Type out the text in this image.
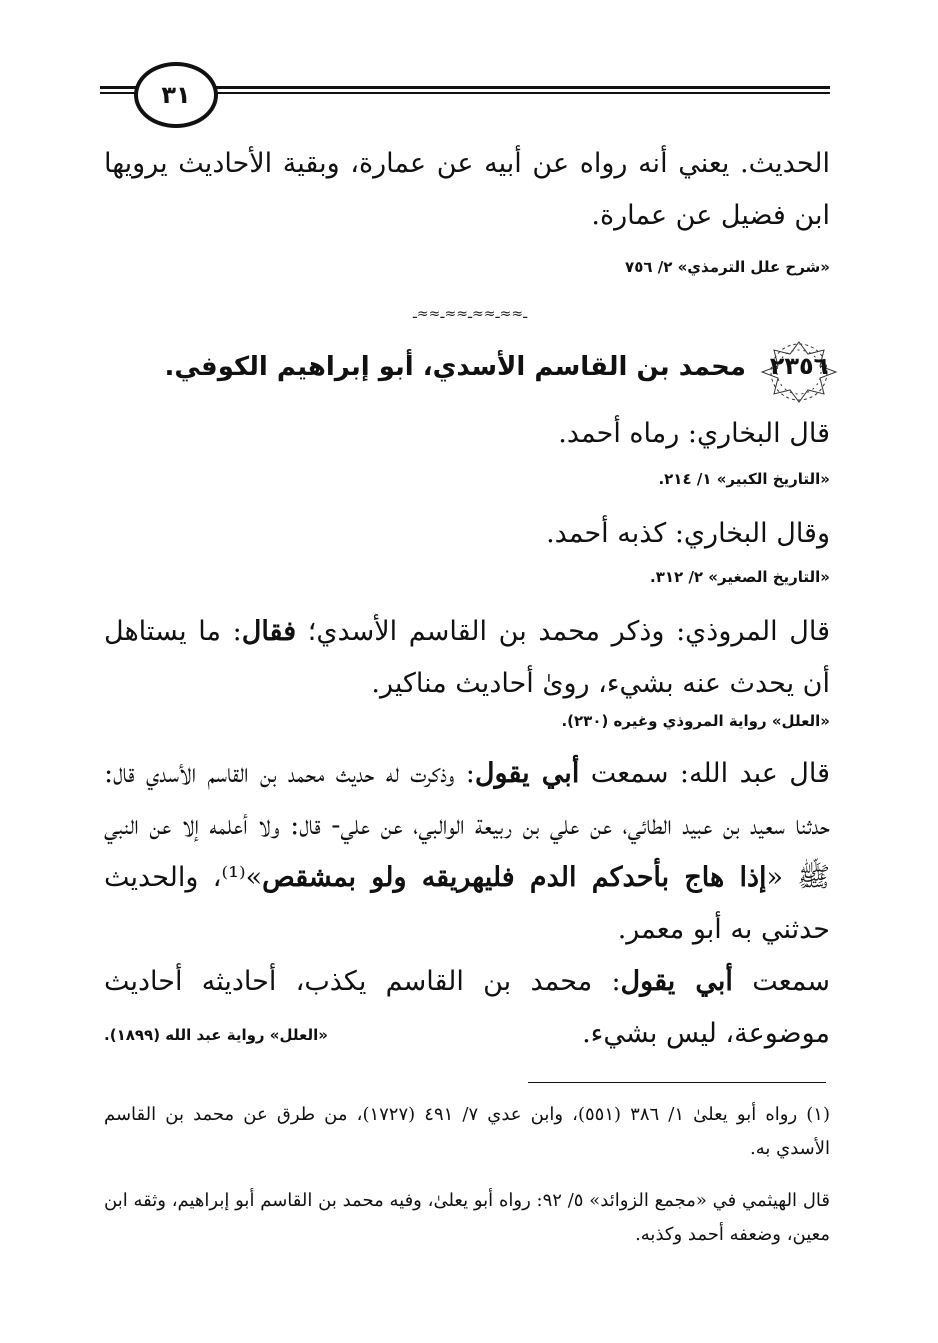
٣١
الحديث. يعني أنه رواه عن أبيه عن عمارة، وبقية الأحاديث يرويها ابن فضيل عن عمارة.
«شرح علل الترمذي» ٢/ ٧٥٦
ـ≈≈ـ≈≈ـ≈≈ـ≈≈ـ
٢٣٥٦
محمد بن القاسم الأسدي، أبو إبراهيم الكوفي.
قال البخاري: رماه أحمد.
«التاريخ الكبير» ١/ ٢١٤.
وقال البخاري: كذبه أحمد.
«التاريخ الصغير» ٢/ ٣١٢.
قال المروذي: وذكر محمد بن القاسم الأسدي؛ فقال: ما يستاهل أن يحدث عنه بشيء، روىٰ أحاديث مناكير.
«العلل» رواية المروذي وغيره (٢٣٠).
قال عبد الله: سمعت أبي يقول: وذكرت له حديث محمد بن القاسم الأسدي قال: حدثنا سعيد بن عبيد الطائي، عن علي بن ربيعة الوالبي، عن علي- قال: ولا أعلمه إلا عن النبي ﷺ «إذا هاج بأحدكم الدم فليهريقه ولو بمشقص»⁽¹⁾، والحديث حدثني به أبو معمر.
سمعت أبي يقول: محمد بن القاسم يكذب، أحاديثه أحاديث موضوعة، ليس بشيء.
«العلل» رواية عبد الله (١٨٩٩).
(١) رواه أبو يعلىٰ ١/ ٣٨٦ (٥٥١)، وابن عدي ٧/ ٤٩١ (١٧٢٧)، من طرق عن محمد بن القاسم الأسدي به.
قال الهيثمي في «مجمع الزوائد» ٥/ ٩٢: رواه أبو يعلىٰ، وفيه محمد بن القاسم أبو إبراهيم، وثقه ابن معين، وضعفه أحمد وكذبه.
